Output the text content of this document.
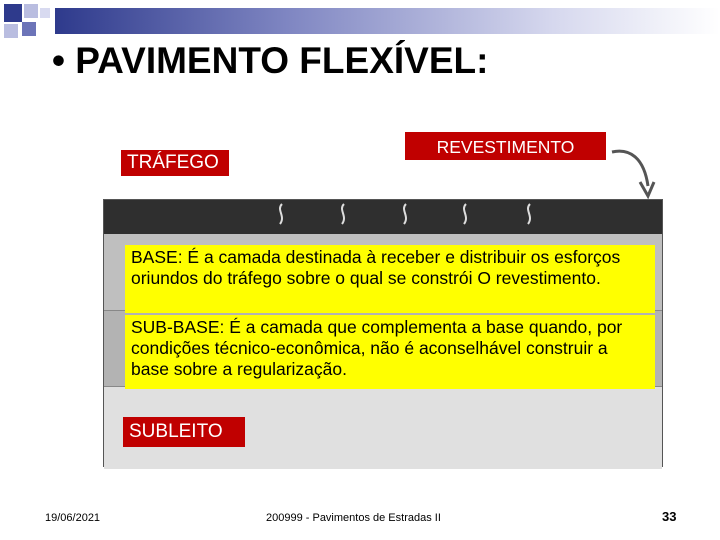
• PAVIMENTO FLEXÍVEL:
TRÁFEGO
REVESTIMENTO
BASE: É a camada destinada à receber e distribuir os esforços oriundos do tráfego sobre o qual se constrói O revestimento.
SUB-BASE: É a camada que complementa a base quando, por condições técnico-econômica, não é aconselhável construir a base sobre a regularização.
SUBLEITO
19/06/2021	200999 - Pavimentos de Estradas II	33
